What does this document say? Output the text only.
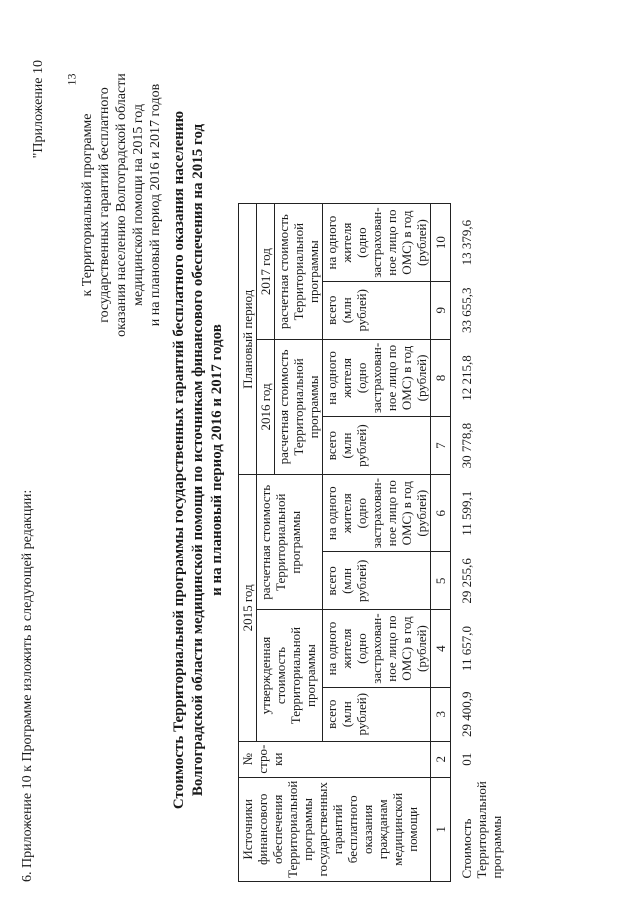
13
6. Приложение 10 к Программе изложить в следующей редакции:
"Приложение 10
к Территориальной программе государственных гарантий бесплатного оказания населению Волгоградской области медицинской помощи на 2015 год и на плановый период 2016 и 2017 годов Стоимость Территориальной программы государственных гарантий бесплатного оказания населению Волгоградской области медицинской помощи по источникам финансового обеспечения на 2015 год и на плановый период 2016 и 2017 годов
Источники финансового обеспечения Территориальной программы государственных гарантий бесплатного оказания гражданам медицинской помощи	№ стро-ки	2015 год				Плановый период			
		утвержденная стоимость Территориальной программы		расчетная стоимость Территориальной программы		2016 год		2017 год	
						расчетная стоимость Территориальной программы		расчетная стоимость Территориальной программы	
		всего (млн рублей)	на одного жителя (одно застрахован-ное лицо по ОМС) в год (рублей)	всего (млн рублей)	на одного жителя (одно застрахован-ное лицо по ОМС) в год (рублей)	всего (млн рублей)	на одного жителя (одно застрахован-ное лицо по ОМС) в год (рублей)	всего (млн рублей)	на одного жителя (одно застрахован-ное лицо по ОМС) в год (рублей)
1	2	3	4	5	6	7	8	9	10
Стоимость Территориальной программы	01	29 400,9	11 657,0	29 255,6	11 599,1	30 778,8	12 215,8	33 655,3	13 379,6
